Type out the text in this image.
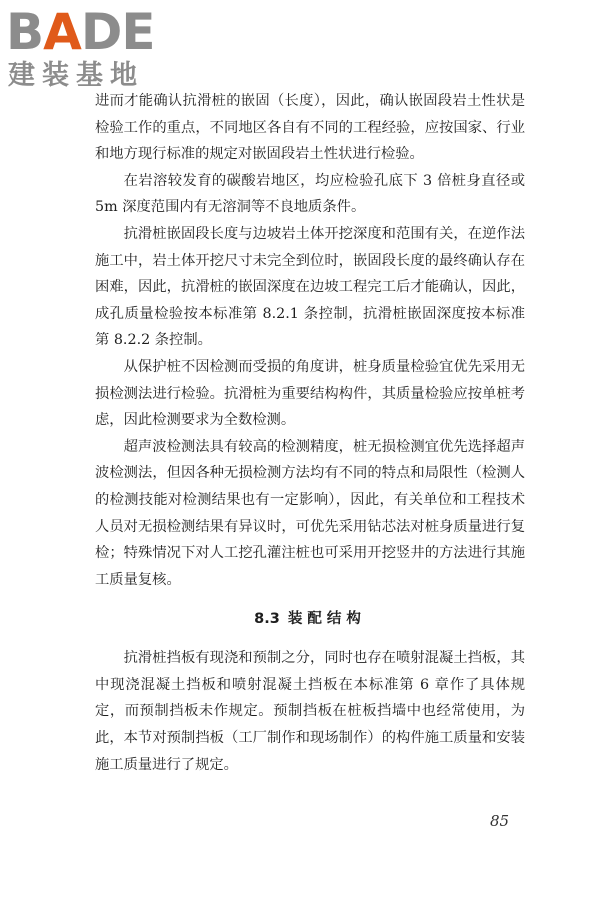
BADE
建装基地

进而才能确认抗滑桩的嵌固（长度），因此，确认嵌固段岩土性状是检验工作的重点，不同地区各自有不同的工程经验，应按国家、行业和地方现行标准的规定对嵌固段岩土性状进行检验。

在岩溶较发育的碳酸岩地区，均应检验孔底下 3 倍桩身直径或 5m 深度范围内有无溶洞等不良地质条件。

抗滑桩嵌固段长度与边坡岩土体开挖深度和范围有关，在逆作法施工中，岩土体开挖尺寸未完全到位时，嵌固段长度的最终确认存在困难，因此，抗滑桩的嵌固深度在边坡工程完工后才能确认，因此，成孔质量检验按本标准第 8.2.1 条控制，抗滑桩嵌固深度按本标准第 8.2.2 条控制。

从保护桩不因检测而受损的角度讲，桩身质量检验宜优先采用无损检测法进行检验。抗滑桩为重要结构构件，其质量检验应按单桩考虑，因此检测要求为全数检测。

超声波检测法具有较高的检测精度，桩无损检测宜优先选择超声波检测法，但因各种无损检测方法均有不同的特点和局限性（检测人的检测技能对检测结果也有一定影响），因此，有关单位和工程技术人员对无损检测结果有异议时，可优先采用钻芯法对桩身质量进行复检；特殊情况下对人工挖孔灌注桩也可采用开挖竖井的方法进行其施工质量复核。

8.3 装配结构

抗滑桩挡板有现浇和预制之分，同时也存在喷射混凝土挡板，其中现浇混凝土挡板和喷射混凝土挡板在本标准第 6 章作了具体规定，而预制挡板未作规定。预制挡板在桩板挡墙中也经常使用，为此，本节对预制挡板（工厂制作和现场制作）的构件施工质量和安装施工质量进行了规定。

85
